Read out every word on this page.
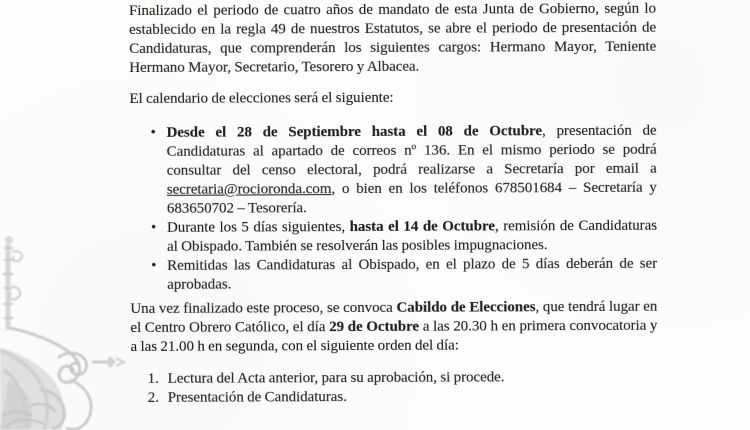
Finalizado el periodo de cuatro años de mandato de esta Junta de Gobierno, según lo establecido en la regla 49 de nuestros Estatutos, se abre el periodo de presentación de Candidaturas, que comprenderán los siguientes cargos: Hermano Mayor, Teniente Hermano Mayor, Secretario, Tesorero y Albacea.

El calendario de elecciones será el siguiente:

• Desde el 28 de Septiembre hasta el 08 de Octubre, presentación de Candidaturas al apartado de correos nº 136. En el mismo periodo se podrá consultar del censo electoral, podrá realizarse a Secretaría por email a secretaria@rocioronda.com, o bien en los teléfonos 678501684 – Secretaría y 683650702 – Tesorería.
• Durante los 5 días siguientes, hasta el 14 de Octubre, remisión de Candidaturas al Obispado. También se resolverán las posibles impugnaciones.
• Remitidas las Candidaturas al Obispado, en el plazo de 5 días deberán de ser aprobadas.

Una vez finalizado este proceso, se convoca Cabildo de Elecciones, que tendrá lugar en el Centro Obrero Católico, el día 29 de Octubre a las 20.30 h en primera convocatoria y a las 21.00 h en segunda, con el siguiente orden del día:

1. Lectura del Acta anterior, para su aprobación, si procede.
2. Presentación de Candidaturas.
